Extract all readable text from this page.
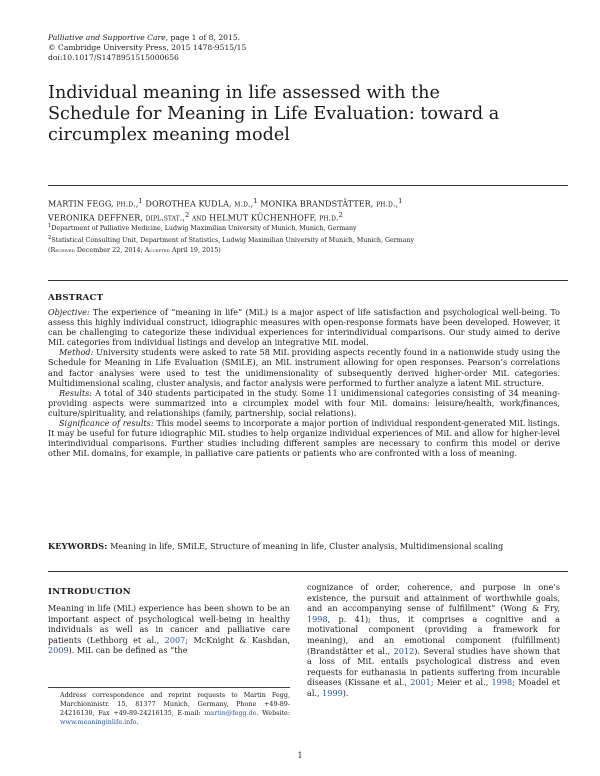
Palliative and Supportive Care, page 1 of 8, 2015.
© Cambridge University Press, 2015 1478-9515/15
doi:10.1017/S1478951515000656
Individual meaning in life assessed with the
Schedule for Meaning in Life Evaluation: toward a
circumplex meaning model
MARTIN FEGG, ph.d.,$^1$ DOROTHEA KUDLA, m.d.,$^1$ MONIKA BRANDSTÄTTER, ph.d.,$^1$
VERONIKA DEFFNER, dipl.stat.,$^2$ and HELMUT KÜCHENHOFF, ph.d.$^2$
$^1$Department of Palliative Medicine, Ludwig Maximilian University of Munich, Munich, Germany
$^2$Statistical Consulting Unit, Department of Statistics, Ludwig Maximilian University of Munich, Munich, Germany
(Received December 22, 2014; Accepted April 19, 2015)
ABSTRACT

Objective: The experience of “meaning in life” (MiL) is a major aspect of life satisfaction and psychological well-being. To assess this highly individual construct, idiographic measures with open-response formats have been developed. However, it can be challenging to categorize these individual experiences for interindividual comparisons. Our study aimed to derive MiL categories from individual listings and develop an integrative MiL model.

Method: University students were asked to rate 58 MiL providing aspects recently found in a nationwide study using the Schedule for Meaning in Life Evaluation (SMiLE), an MiL instrument allowing for open responses. Pearson’s correlations and factor analyses were used to test the unidimensionality of subsequently derived higher-order MiL categories. Multidimensional scaling, cluster analysis, and factor analysis were performed to further analyze a latent MiL structure.

Results: A total of 340 students participated in the study. Some 11 unidimensional categories consisting of 34 meaning-providing aspects were summarized into a circumplex model with four MiL domains: leisure/health, work/finances, culture/spirituality, and relationships (family, partnership, social relations).

Significance of results: This model seems to incorporate a major portion of individual respondent-generated MiL listings. It may be useful for future idiographic MiL studies to help organize individual experiences of MiL and allow for higher-level interindividual comparisons. Further studies including different samples are necessary to confirm this model or derive other MiL domains, for example, in palliative care patients or patients who are confronted with a loss of meaning.

KEYWORDS: Meaning in life, SMiLE, Structure of meaning in life, Cluster analysis, Multidimensional scaling
INTRODUCTION

Meaning in life (MiL) experience has been shown to be an important aspect of psychological well-being in healthy individuals as well as in cancer and palliative care patients (Lethborg et al., 2007; McKnight & Kashdan, 2009). MiL can be defined as “the

cognizance of order, coherence, and purpose in one’s existence, the pursuit and attainment of worthwhile goals, and an accompanying sense of fulfillment” (Wong & Fry, 1998, p. 41); thus, it comprises a cognitive and a motivational component (providing a framework for meaning), and an emotional component (fulfillment) (Brandstätter et al., 2012). Several studies have shown that a loss of MiL entails psychological distress and even requests for euthanasia in patients suffering from incurable diseases (Kissane et al., 2001; Meier et al., 1998; Moadel et al., 1999).

Address correspondence and reprint requests to Martin Fegg, Marchioninistr. 15, 81377 Munich, Germany, Phone +49-89-24216130, Fax +49-89-24216135, E-mail: martin@fegg.de. Website: www.meaninginlife.info.
1
